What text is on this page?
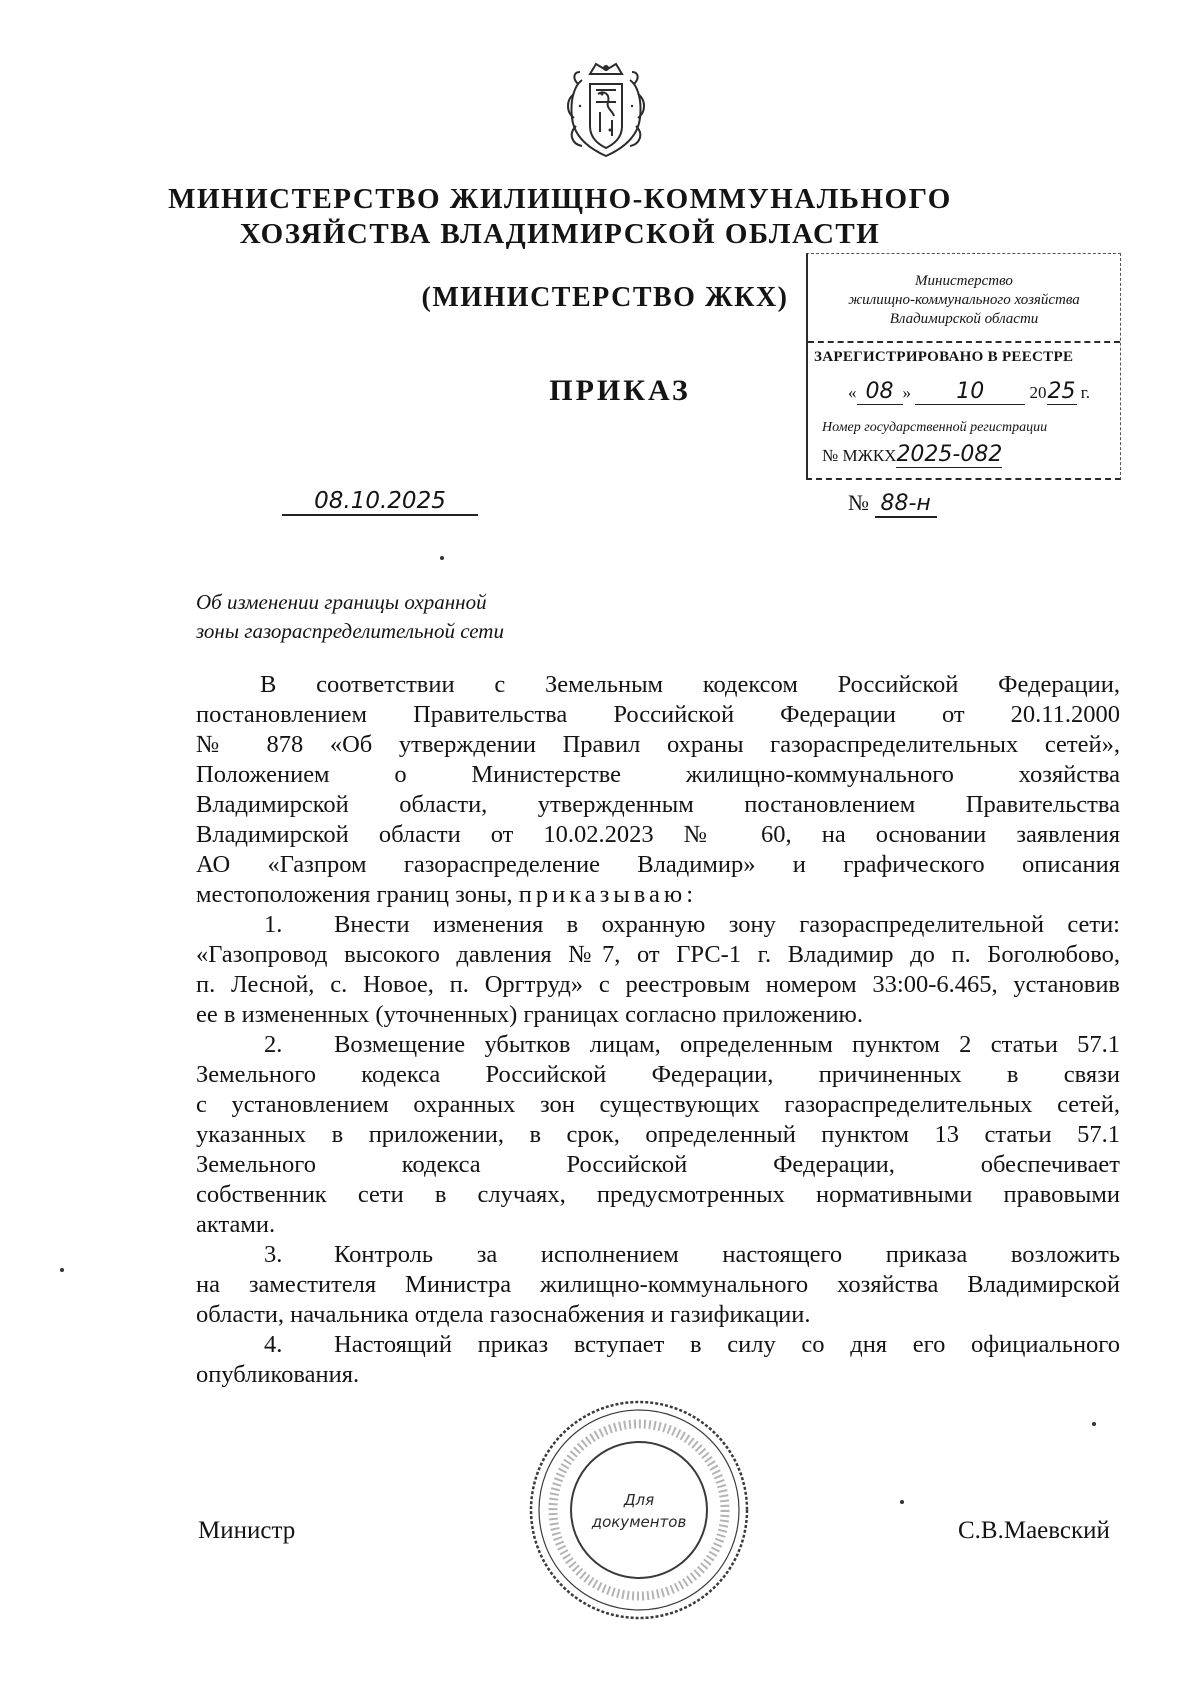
МИНИСТЕРСТВО ЖИЛИЩНО-КОММУНАЛЬНОГО
ХОЗЯЙСТВА ВЛАДИМИРСКОЙ ОБЛАСТИ
(МИНИСТЕРСТВО ЖКХ)
ПРИКАЗ
Министерство
жилищно-коммунального хозяйства
Владимирской области
ЗАРЕГИСТРИРОВАНО В РЕЕСТРЕ
« 08 » 10	2025 г.
Номер государственной регистрации
№ МЖКХ2025-082
08.10.2025	№ 88-н
Об изменении границы охранной
зоны газораспределительной сети
В соответствии с Земельным кодексом Российской Федерации,
постановлением Правительства Российской Федерации от 20.11.2000
№ 878 «Об утверждении Правил охраны газораспределительных сетей»,
Положением о Министерстве жилищно-коммунального хозяйства
Владимирской области, утвержденным постановлением Правительства
Владимирской области от 10.02.2023 № 60, на основании заявления
АО «Газпром газораспределение Владимир» и графического описания
местоположения границ зоны, приказываю:
1. Внести изменения в охранную зону газораспределительной сети:
«Газопровод высокого давления №7, от ГРС-1 г. Владимир до п. Боголюбово,
п. Лесной, с. Новое, п. Оргтруд» с реестровым номером 33:00-6.465, установив
ее в измененных (уточненных) границах согласно приложению.
2. Возмещение убытков лицам, определенным пунктом 2 статьи 57.1
Земельного кодекса Российской Федерации, причиненных в связи
с установлением охранных зон существующих газораспределительных сетей,
указанных в приложении, в срок, определенный пунктом 13 статьи 57.1
Земельного кодекса Российской Федерации, обеспечивает
собственник сети в случаях, предусмотренных нормативными правовыми
актами.
3. Контроль за исполнением настоящего приказа возложить
на заместителя Министра жилищно-коммунального хозяйства Владимирской
области, начальника отдела газоснабжения и газификации.
4. Настоящий приказ вступает в силу со дня его официального
опубликования.
Для
документов
Министр	С.В.Маевский
